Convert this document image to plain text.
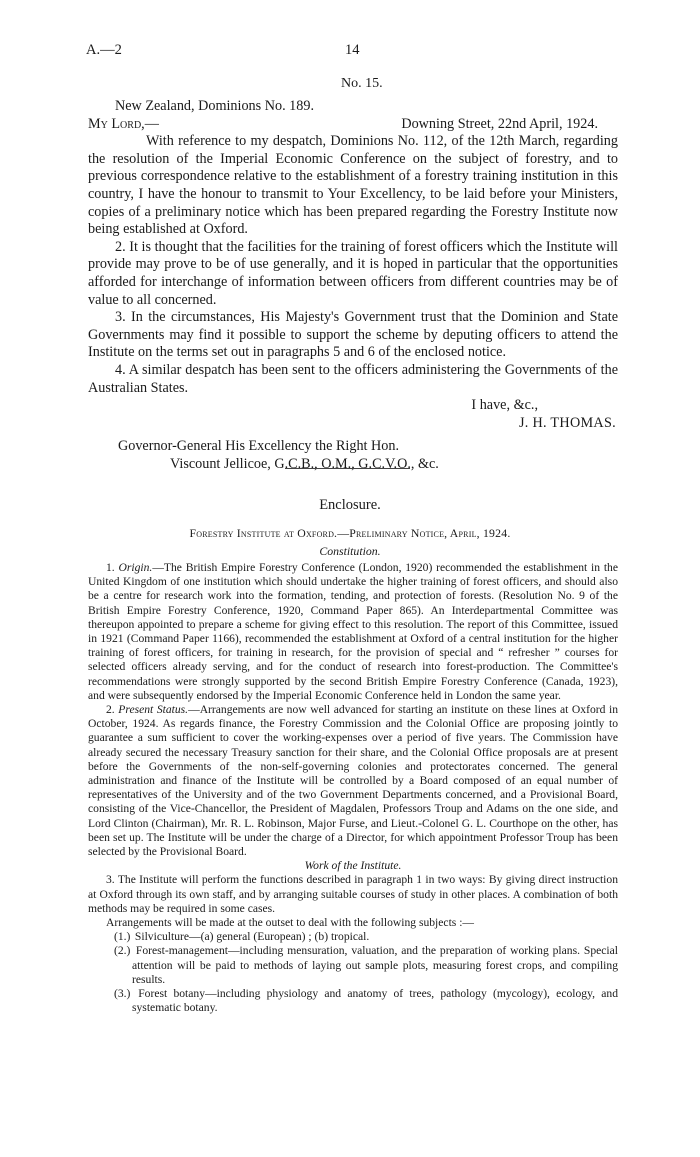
A.—2	14
No. 15.

New Zealand, Dominions No. 189.

My Lord,—	Downing Street, 22nd April, 1924.

With reference to my despatch, Dominions No. 112, of the 12th March, regarding the resolution of the Imperial Economic Conference on the subject of forestry, and to previous correspondence relative to the establishment of a forestry training institution in this country, I have the honour to transmit to Your Excellency, to be laid before your Ministers, copies of a preliminary notice which has been prepared regarding the Forestry Institute now being established at Oxford.

2. It is thought that the facilities for the training of forest officers which the Institute will provide may prove to be of use generally, and it is hoped in particular that the opportunities afforded for interchange of information between officers from different countries may be of value to all concerned.

3. In the circumstances, His Majesty's Government trust that the Dominion and State Governments may find it possible to support the scheme by deputing officers to attend the Institute on the terms set out in paragraphs 5 and 6 of the enclosed notice.

4. A similar despatch has been sent to the officers administering the Governments of the Australian States.

I have, &c.,

J. H. THOMAS.

Governor-General His Excellency the Right Hon.

Viscount Jellicoe, G.C.B., O.M., G.C.V.O., &c.

Enclosure.
Forestry Institute at Oxford.—Preliminary Notice, April, 1924.
Constitution.

1. Origin.—The British Empire Forestry Conference (London, 1920) recommended the establishment in the United Kingdom of one institution which should undertake the higher training of forest officers, and should also be a centre for research work into the formation, tending, and protection of forests. (Resolution No. 9 of the British Empire Forestry Conference, 1920, Command Paper 865). An Interdepartmental Committee was thereupon appointed to prepare a scheme for giving effect to this resolution. The report of this Committee, issued in 1921 (Command Paper 1166), recommended the establishment at Oxford of a central institution for the higher training of forest officers, for training in research, for the provision of special and “ refresher ” courses for selected officers already serving, and for the conduct of research into forest-production. The Committee's recommendations were strongly supported by the second British Empire Forestry Conference (Canada, 1923), and were subsequently endorsed by the Imperial Economic Conference held in London the same year.

2. Present Status.—Arrangements are now well advanced for starting an institute on these lines at Oxford in October, 1924. As regards finance, the Forestry Commission and the Colonial Office are proposing jointly to guarantee a sum sufficient to cover the working-expenses over a period of five years. The Commission have already secured the necessary Treasury sanction for their share, and the Colonial Office proposals are at present before the Governments of the non-self-governing colonies and protectorates concerned. The general administration and finance of the Institute will be controlled by a Board composed of an equal number of representatives of the University and of the two Government Departments concerned, and a Provisional Board, consisting of the Vice-Chancellor, the President of Magdalen, Professors Troup and Adams on the one side, and Lord Clinton (Chairman), Mr. R. L. Robinson, Major Furse, and Lieut.-Colonel G. L. Courthope on the other, has been set up. The Institute will be under the charge of a Director, for which appointment Professor Troup has been selected by the Provisional Board.

Work of the Institute.

3. The Institute will perform the functions described in paragraph 1 in two ways: By giving direct instruction at Oxford through its own staff, and by arranging suitable courses of study in other places. A combination of both methods may be required in some cases.

Arrangements will be made at the outset to deal with the following subjects :—

(1.) Silviculture—(a) general (European) ; (b) tropical.
(2.) Forest-management—including mensuration, valuation, and the preparation of working plans. Special attention will be paid to methods of laying out sample plots, measuring forest crops, and compiling results.
(3.) Forest botany—including physiology and anatomy of trees, pathology (mycology), ecology, and systematic botany.
